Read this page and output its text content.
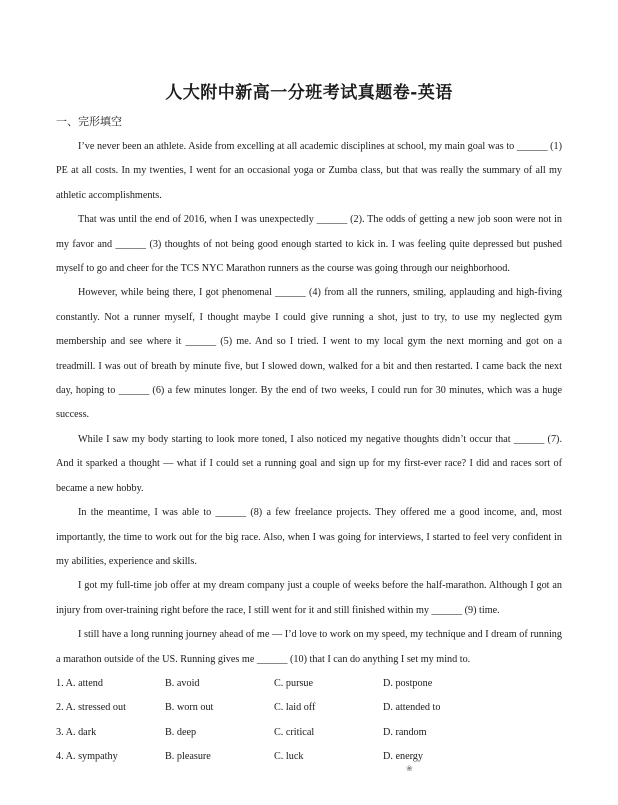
人大附中新高一分班考试真题卷-英语
一、完形填空

I’ve never been an athlete. Aside from excelling at all academic disciplines at school, my main goal was to ______ (1) PE at all costs. In my twenties, I went for an occasional yoga or Zumba class, but that was really the summary of all my athletic accomplishments.

That was until the end of 2016, when I was unexpectedly ______ (2). The odds of getting a new job soon were not in my favor and ______ (3) thoughts of not being good enough started to kick in. I was feeling quite depressed but pushed myself to go and cheer for the TCS NYC Marathon runners as the course was going through our neighborhood.

However, while being there, I got phenomenal ______ (4) from all the runners, smiling, applauding and high-fiving constantly. Not a runner myself, I thought maybe I could give running a shot, just to try, to use my neglected gym membership and see where it ______ (5) me. And so I tried. I went to my local gym the next morning and got on a treadmill. I was out of breath by minute five, but I slowed down, walked for a bit and then restarted. I came back the next day, hoping to ______ (6) a few minutes longer. By the end of two weeks, I could run for 30 minutes, which was a huge success.

While I saw my body starting to look more toned, I also noticed my negative thoughts didn’t occur that ______ (7). And it sparked a thought — what if I could set a running goal and sign up for my first-ever race? I did and races sort of became a new hobby.

In the meantime, I was able to ______ (8) a few freelance projects. They offered me a good income, and, most importantly, the time to work out for the big race. Also, when I was going for interviews, I started to feel very confident in my abilities, experience and skills.

I got my full-time job offer at my dream company just a couple of weeks before the half-marathon. Although I got an injury from over-training right before the race, I still went for it and still finished within my ______ (9) time.

I still have a long running journey ahead of me — I’d love to work on my speed, my technique and I dream of running a marathon outside of the US. Running gives me ______ (10) that I can do anything I set my mind to.

1. A. attend	B. avoid	C. pursue	D. postpone
2. A. stressed out	B. worn out	C. laid off	D. attended to
3. A. dark	B. deep	C. critical	D. random
4. A. sympathy	B. pleasure	C. luck	D. energy
❀
